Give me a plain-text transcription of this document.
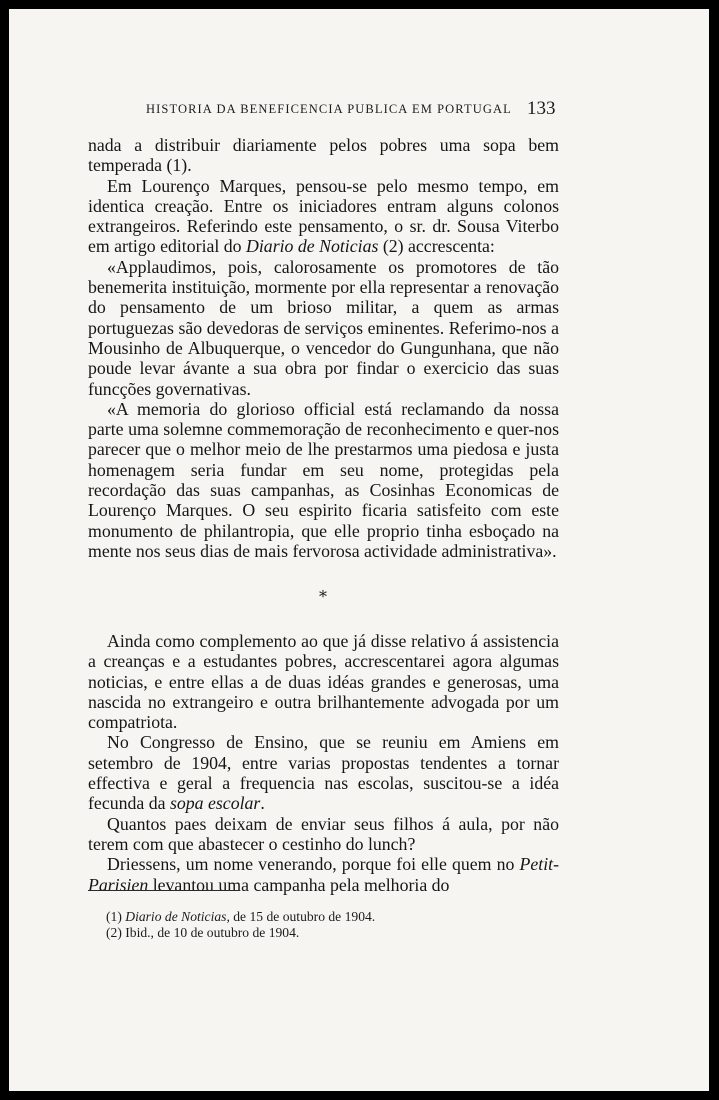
HISTORIA DA BENEFICENCIA PUBLICA EM PORTUGAL 133

nada a distribuir diariamente pelos pobres uma sopa bem temperada (1).

Em Lourenço Marques, pensou-se pelo mesmo tempo, em identica creação. Entre os iniciadores entram alguns colonos extrangeiros. Referindo este pensamento, o sr. dr. Sousa Viterbo em artigo editorial do Diario de Noticias (2) accrescenta:

«Applaudimos, pois, calorosamente os promotores de tão benemerita instituição, mormente por ella representar a renovação do pensamento de um brioso militar, a quem as armas portuguezas são devedoras de serviços eminentes. Referimo-nos a Mousinho de Albuquerque, o vencedor do Gungunhana, que não poude levar ávante a sua obra por findar o exercicio das suas funcções governativas.

«A memoria do glorioso official está reclamando da nossa parte uma solemne commemoração de reconhecimento e quer-nos parecer que o melhor meio de lhe prestarmos uma piedosa e justa homenagem seria fundar em seu nome, protegidas pela recordação das suas campanhas, as Cosinhas Economicas de Lourenço Marques. O seu espirito ficaria satisfeito com este monumento de philantropia, que elle proprio tinha esboçado na mente nos seus dias de mais fervorosa actividade administrativa».

*

Ainda como complemento ao que já disse relativo á assistencia a creanças e a estudantes pobres, accrescentarei agora algumas noticias, e entre ellas a de duas idéas grandes e generosas, uma nascida no extrangeiro e outra brilhantemente advogada por um compatriota.

No Congresso de Ensino, que se reuniu em Amiens em setembro de 1904, entre varias propostas tendentes a tornar effectiva e geral a frequencia nas escolas, suscitou-se a idéa fecunda da sopa escolar.

Quantos paes deixam de enviar seus filhos á aula, por não terem com que abastecer o cestinho do lunch?

Driessens, um nome venerando, porque foi elle quem no Petit-Parisien levantou uma campanha pela melhoria do

(1) Diario de Noticias, de 15 de outubro de 1904.
(2) Ibid., de 10 de outubro de 1904.
